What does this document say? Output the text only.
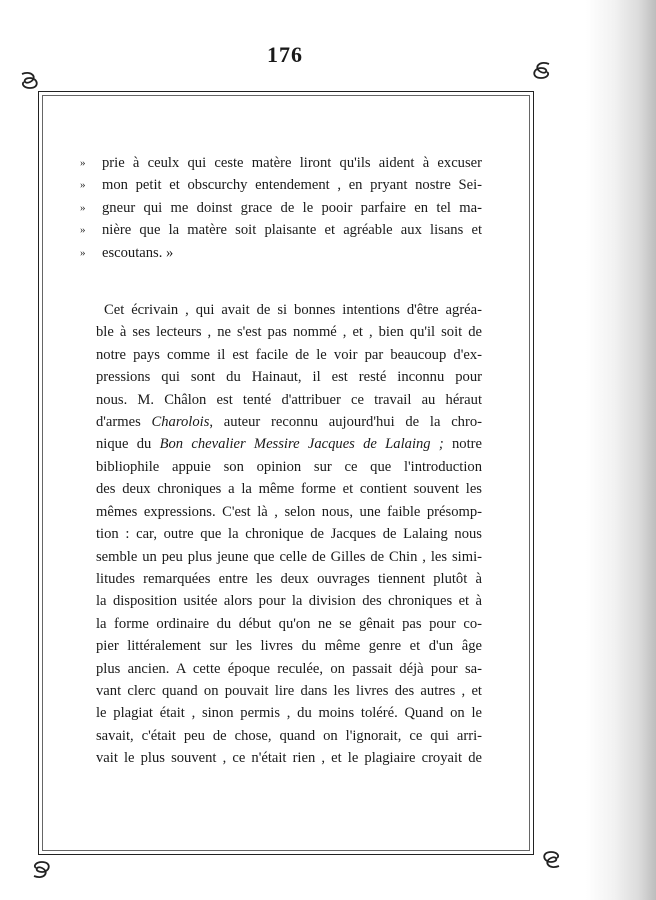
176
» prie à ceulx qui ceste matère liront qu'ils aident à excuser
» mon petit et obscurchy entendement , en pryant nostre Sei-
» gneur qui me doinst grace de le pooir parfaire en tel ma-
» nière que la matère soit plaisante et agréable aux lisans et
» escoutans. »
Cet écrivain , qui avait de si bonnes intentions d'être agréa-
ble à ses lecteurs , ne s'est pas nommé , et , bien qu'il soit de
notre pays comme il est facile de le voir par beaucoup d'ex-
pressions qui sont du Hainaut, il est resté inconnu pour
nous. M. Châlon est tenté d'attribuer ce travail au héraut
d'armes Charolois, auteur reconnu aujourd'hui de la chro-
nique du Bon chevalier Messire Jacques de Lalaing ; notre
bibliophile appuie son opinion sur ce que l'introduction
des deux chroniques a la même forme et contient souvent les
mêmes expressions. C'est là , selon nous, une faible présomp-
tion : car, outre que la chronique de Jacques de Lalaing nous
semble un peu plus jeune que celle de Gilles de Chin , les simi-
litudes remarquées entre les deux ouvrages tiennent plutôt à
la disposition usitée alors pour la division des chroniques et à
la forme ordinaire du début qu'on ne se gênait pas pour co-
pier littéralement sur les livres du même genre et d'un âge
plus ancien. A cette époque reculée, on passait déjà pour sa-
vant clerc quand on pouvait lire dans les livres des autres , et
le plagiat était , sinon permis , du moins toléré. Quand on le
savait, c'était peu de chose, quand on l'ignorait, ce qui arri-
vait le plus souvent , ce n'était rien , et le plagiaire croyait de
